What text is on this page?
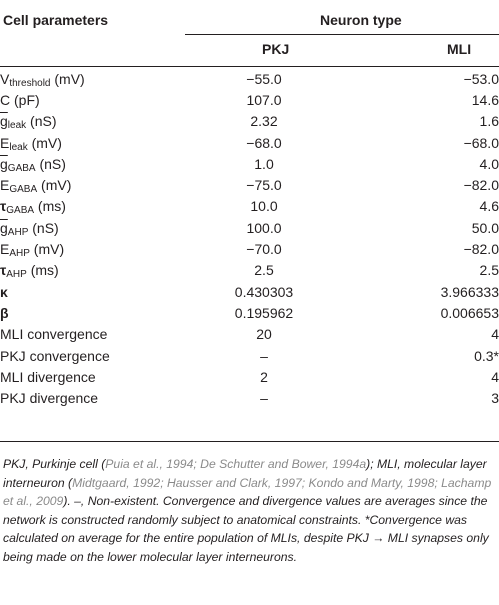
Cell parameters	Neuron type
PKJ	MLI
$V_{threshold}$ (mV)	−55.0	−53.0
C (pF)	107.0	14.6
$\overline{g}_{leak}$ (nS)	2.32	1.6
$E_{leak}$ (mV)	−68.0	−68.0
$\overline{g}_{GABA}$ (nS)	1.0	4.0
$E_{GABA}$ (mV)	−75.0	−82.0
$\tau_{GABA}$ (ms)	10.0	4.6
$\overline{g}_{AHP}$ (nS)	100.0	50.0
$E_{AHP}$ (mV)	−70.0	−82.0
$\tau_{AHP}$ (ms)	2.5	2.5
κ	0.430303	3.966333
β	0.195962	0.006653
MLI convergence	20	4
PKJ convergence	–	0.3*
MLI divergence	2	4
PKJ divergence	–	3
PKJ, Purkinje cell (Puia et al., 1994; De Schutter and Bower, 1994a); MLI, molecular layer interneuron (Midtgaard, 1992; Hausser and Clark, 1997; Kondo and Marty, 1998; Lachamp et al., 2009). –, Non-existent. Convergence and divergence values are averages since the network is constructed randomly subject to anatomical constraints. *Convergence was calculated on average for the entire population of MLIs, despite PKJ → MLI synapses only being made on the lower molecular layer interneurons.
